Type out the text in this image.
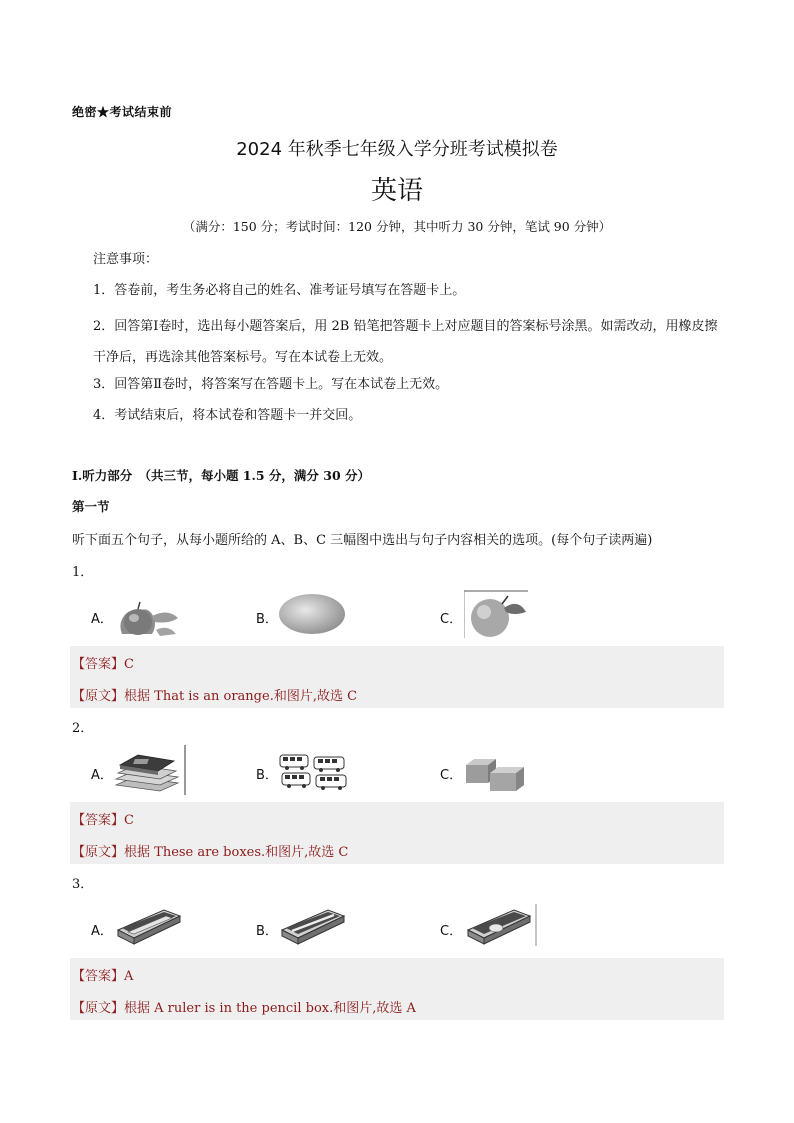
绝密★考试结束前
2024 年秋季七年级入学分班考试模拟卷
英语
（满分：150 分；考试时间：120 分钟，其中听力 30 分钟，笔试 90 分钟）
注意事项：
1．答卷前，考生务必将自己的姓名、准考证号填写在答题卡上。
2．回答第Ⅰ卷时，选出每小题答案后，用 2B 铅笔把答题卡上对应题目的答案标号涂黑。如需改动，用橡皮擦干净后，再选涂其他答案标号。写在本试卷上无效。
3．回答第Ⅱ卷时，将答案写在答题卡上。写在本试卷上无效。
4．考试结束后，将本试卷和答题卡一并交回。
I.听力部分　（共三节，每小题 1.5 分，满分 30 分）
第一节
听下面五个句子，从每小题所给的 A、B、C 三幅图中选出与句子内容相关的选项。(每个句子读两遍)
1．
A．	B．	C．
【答案】C
【原文】根据 That is an orange.和图片,故选 C
2．
A．	B．	C．
【答案】C
【原文】根据 These are boxes.和图片,故选 C
3．
A．	B．	C．
【答案】A
【原文】根据 A ruler is in the pencil box.和图片,故选 A
